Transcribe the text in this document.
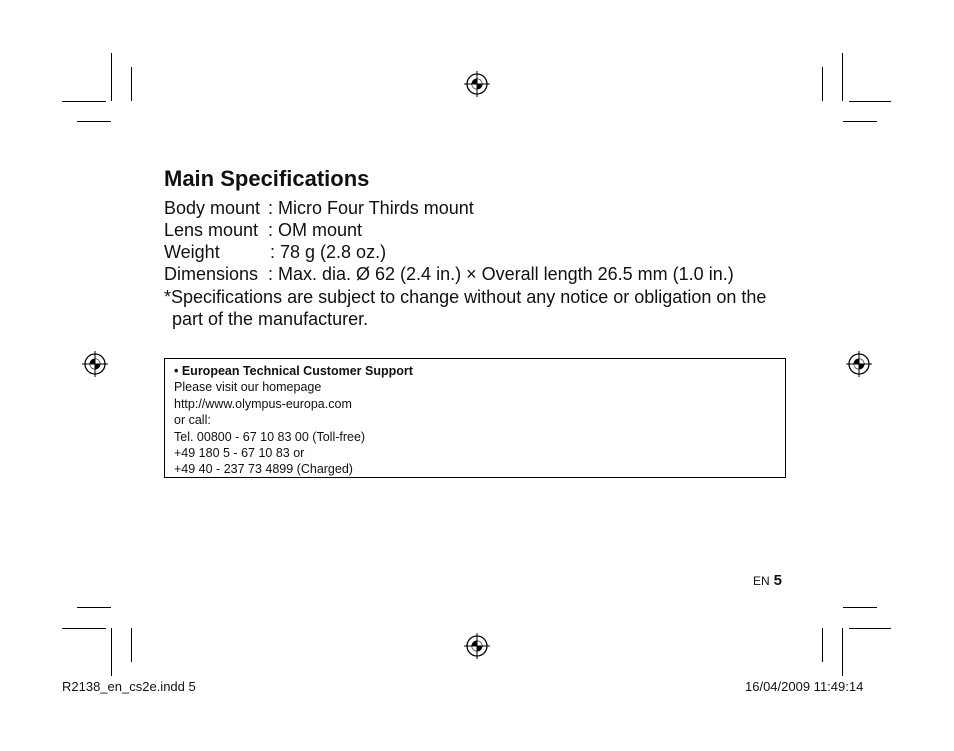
Main Specifications
Body mount : Micro Four Thirds mount
Lens mount : OM mount
Weight	: 78 g (2.8 oz.)
Dimensions : Max. dia. Ø 62 (2.4 in.) × Overall length 26.5 mm (1.0 in.)
*Specifications are subject to change without any notice or obligation on the
part of the manufacturer.
• European Technical Customer Support
Please visit our homepage
http://www.olympus-europa.com
or call:
Tel. 00800 - 67 10 83 00 (Toll-free)
+49 180 5 - 67 10 83 or
+49 40 - 237 73 4899 (Charged)
EN 5
R2138_en_cs2e.indd 5	16/04/2009 11:49:14
